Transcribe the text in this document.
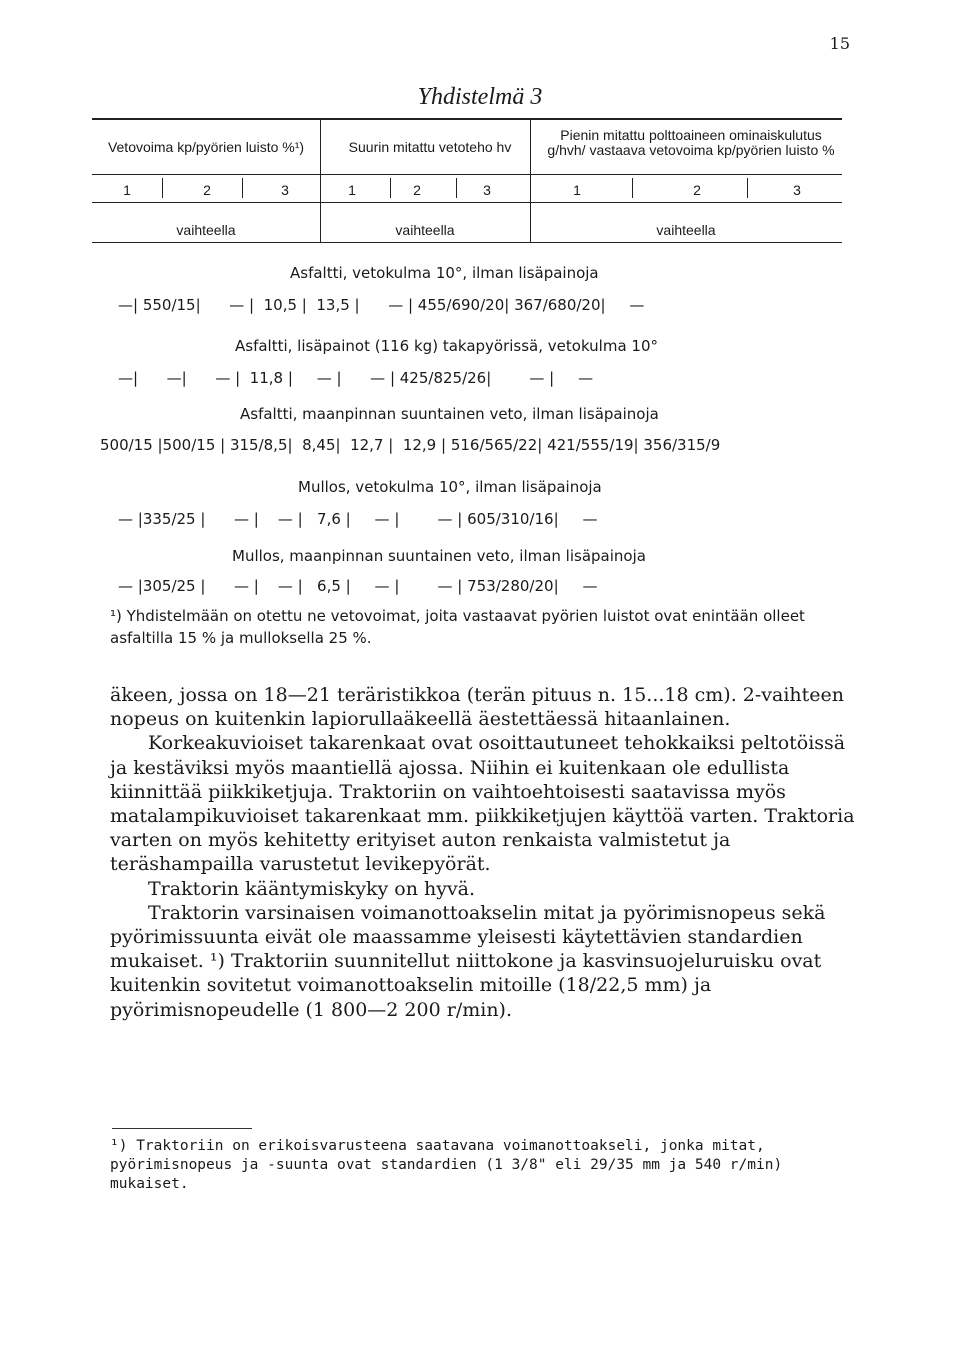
15
Yhdistelmä 3
Vetovoima kp/pyörien luisto %¹)	Suurin mitattu vetoteho hv
Pienin mitattu polttoaineen ominaiskulutus g/hvh/ vastaava vetovoima kp/pyörien luisto %
1	2	3	1	2	3	1	2	3
vaihteella	vaihteella	vaihteella
Asfaltti, vetokulma 10°, ilman lisäpainoja
—| 550/15|      — |  10,5 |  13,5 |      — | 455/690/20| 367/680/20|     —
Asfaltti, lisäpainot (116 kg) takapyörissä, vetokulma 10°
—|      —|      — |  11,8 |     — |      — | 425/825/26|        — |     —
Asfaltti, maanpinnan suuntainen veto, ilman lisäpainoja
500/15 |500/15 | 315/8,5|  8,45|  12,7 |  12,9 | 516/565/22| 421/555/19| 356/315/9
Mullos, vetokulma 10°, ilman lisäpainoja
— |335/25 |      — |    — |   7,6 |     — |        — | 605/310/16|     —
Mullos, maanpinnan suuntainen veto, ilman lisäpainoja
— |305/25 |      — |    — |   6,5 |     — |        — | 753/280/20|     —
¹) Yhdistelmään on otettu ne vetovoimat, joita vastaavat pyörien luistot ovat enintään olleet asfaltilla 15 % ja mulloksella 25 %.

äkeen, jossa on 18—21 teräristikkoa (terän pituus n. 15...18 cm). 2-vaihteen nopeus on kuitenkin lapiorullaäkeellä äestettäessä hitaanlainen.

Korkeakuvioiset takarenkaat ovat osoittautuneet tehokkaiksi peltotöissä ja kestäviksi myös maantiellä ajossa. Niihin ei kuitenkaan ole edullista kiinnittää piikkiketjuja. Traktoriin on vaihtoehtoisesti saatavissa myös matalampikuvioiset takarenkaat mm. piikkiketjujen käyttöä varten. Traktoria varten on myös kehitetty erityiset auton renkaista valmistetut ja teräshampailla varustetut levikepyörät.

Traktorin kääntymiskyky on hyvä.

Traktorin varsinaisen voimanottoakselin mitat ja pyörimisnopeus sekä pyörimissuunta eivät ole maassamme yleisesti käytettävien standardien mukaiset. ¹) Traktoriin suunnitellut niittokone ja kasvinsuojeluruisku ovat kuitenkin sovitetut voimanottoakselin mitoille (18/22,5 mm) ja pyörimisnopeudelle (1 800—2 200 r/min).

¹) Traktoriin on erikoisvarusteena saatavana voimanottoakseli, jonka mitat, pyörimisnopeus ja -suunta ovat standardien (1 3/8" eli 29/35 mm ja 540 r/min) mukaiset.
